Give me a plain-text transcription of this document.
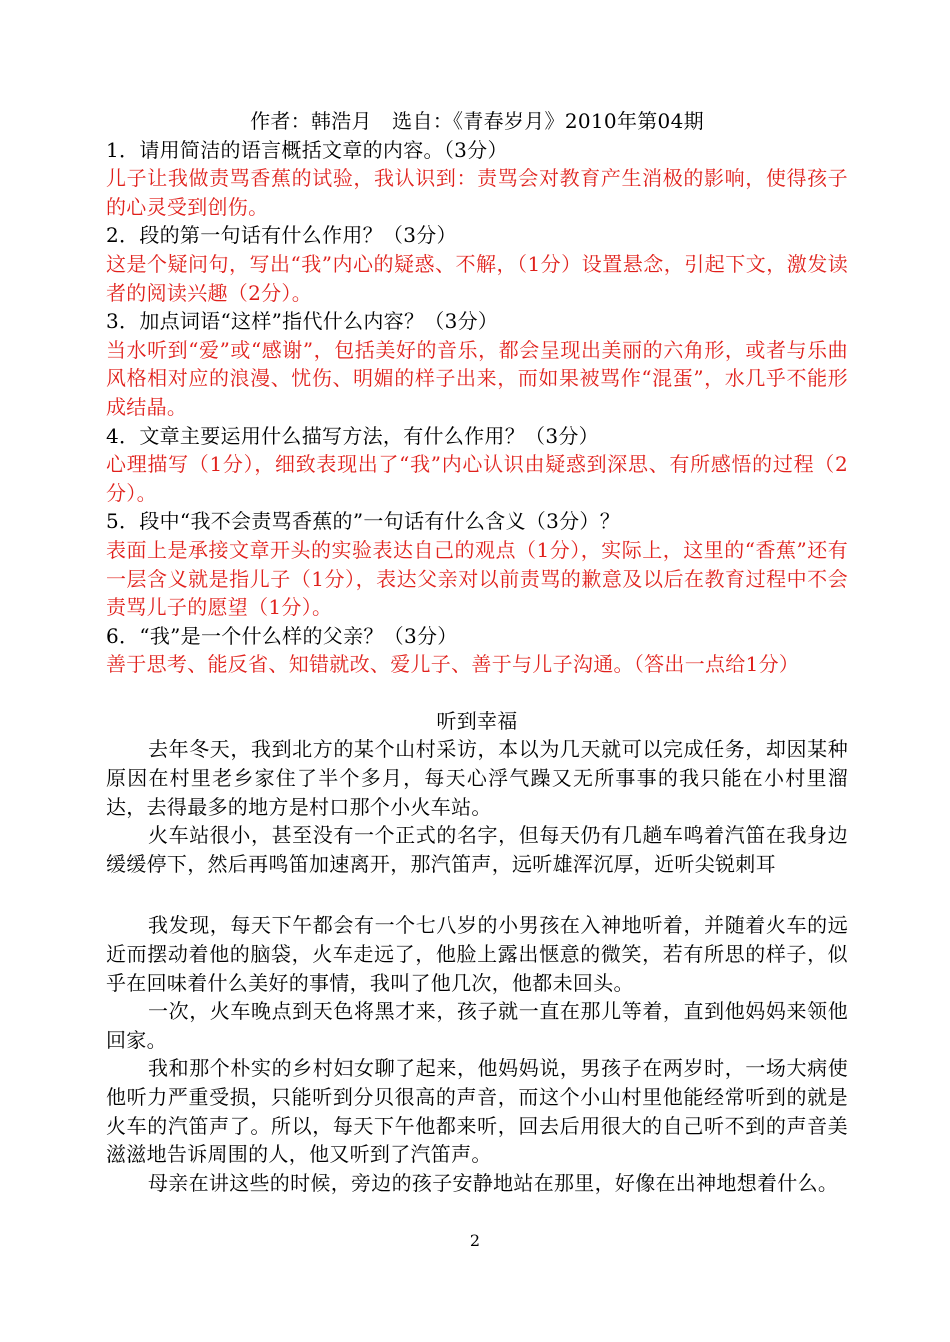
作者：韩浩月　选自：《青春岁月》2010年第04期
1．请用简洁的语言概括文章的内容。（3分）
儿子让我做责骂香蕉的试验，我认识到：责骂会对教育产生消极的影响，使得孩子的心灵受到创伤。
2．段的第一句话有什么作用？（3分）
这是个疑问句，写出“我”内心的疑惑、不解，（1分）设置悬念，引起下文，激发读者的阅读兴趣（2分）。
3．加点词语“这样”指代什么内容？（3分）
当水听到“爱”或“感谢”，包括美好的音乐，都会呈现出美丽的六角形，或者与乐曲风格相对应的浪漫、忧伤、明媚的样子出来，而如果被骂作“混蛋”，水几乎不能形成结晶。
4．文章主要运用什么描写方法，有什么作用？（3分）
心理描写（1分），细致表现出了“我”内心认识由疑惑到深思、有所感悟的过程（2分）。
5．段中“我不会责骂香蕉的”一句话有什么含义（3分）？
表面上是承接文章开头的实验表达自己的观点（1分），实际上，这里的“香蕉”还有一层含义就是指儿子（1分），表达父亲对以前责骂的歉意及以后在教育过程中不会责骂儿子的愿望（1分）。
6．“我”是一个什么样的父亲？（3分）
善于思考、能反省、知错就改、爱儿子、善于与儿子沟通。（答出一点给1分）
听到幸福
去年冬天，我到北方的某个山村采访，本以为几天就可以完成任务，却因某种原因在村里老乡家住了半个多月，每天心浮气躁又无所事事的我只能在小村里溜达，去得最多的地方是村口那个小火车站。
火车站很小，甚至没有一个正式的名字，但每天仍有几趟车鸣着汽笛在我身边缓缓停下，然后再鸣笛加速离开，那汽笛声，远听雄浑沉厚，近听尖锐刺耳
我发现，每天下午都会有一个七八岁的小男孩在入神地听着，并随着火车的远近而摆动着他的脑袋，火车走远了，他脸上露出惬意的微笑，若有所思的样子，似乎在回味着什么美好的事情，我叫了他几次，他都未回头。
一次，火车晚点到天色将黑才来，孩子就一直在那儿等着，直到他妈妈来领他回家。
我和那个朴实的乡村妇女聊了起来，他妈妈说，男孩子在两岁时，一场大病使他听力严重受损，只能听到分贝很高的声音，而这个小山村里他能经常听到的就是火车的汽笛声了。所以，每天下午他都来听，回去后用很大的自己听不到的声音美滋滋地告诉周围的人，他又听到了汽笛声。
母亲在讲这些的时候，旁边的孩子安静地站在那里，好像在出神地想着什么。
2
